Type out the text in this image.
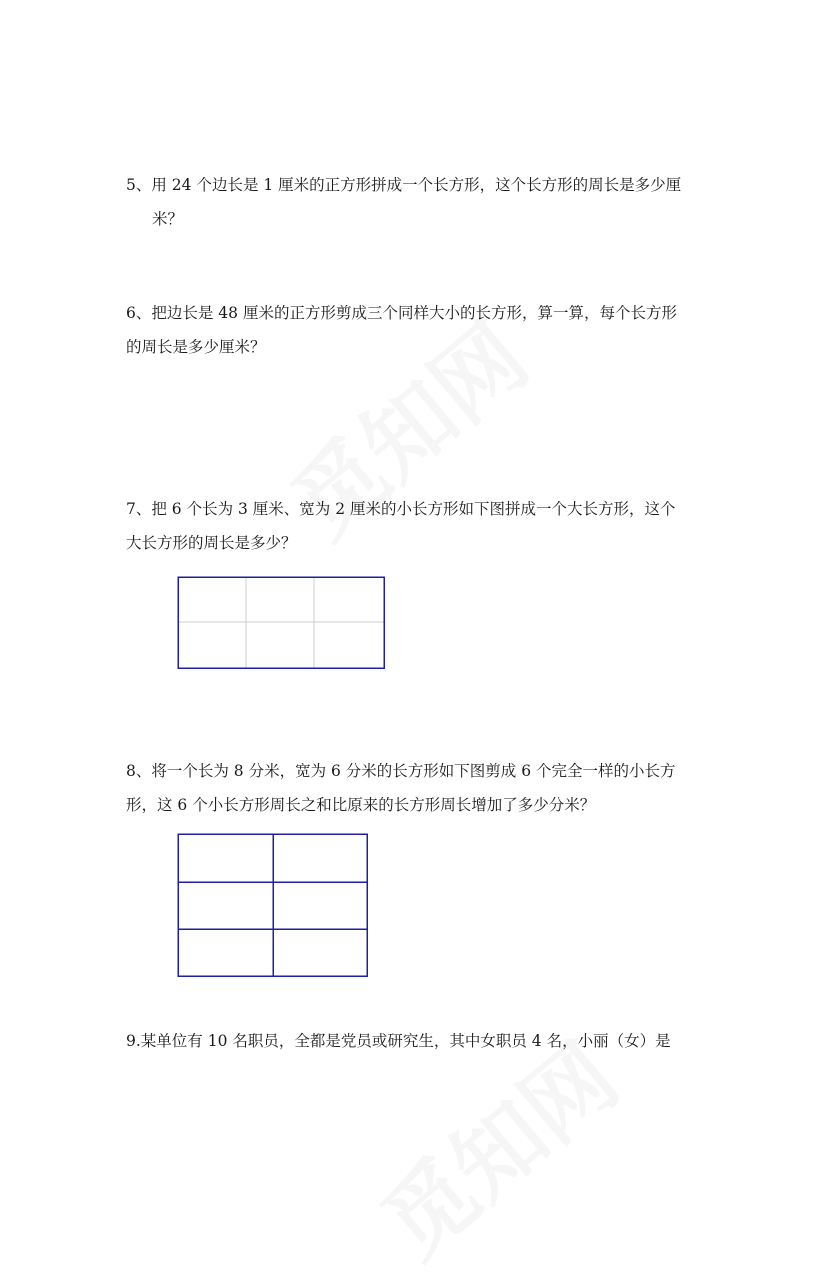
5、用 24 个边长是 1 厘米的正方形拼成一个长方形，这个长方形的周长是多少厘
米？
6、把边长是 48 厘米的正方形剪成三个同样大小的长方形，算一算，每个长方形
的周长是多少厘米？
7、把 6 个长为 3 厘米、宽为 2 厘米的小长方形如下图拼成一个大长方形，这个
大长方形的周长是多少？
8、将一个长为 8 分米，宽为 6 分米的长方形如下图剪成 6 个完全一样的小长方
形，这 6 个小长方形周长之和比原来的长方形周长增加了多少分米？
9.某单位有 10 名职员，全都是党员或研究生，其中女职员 4 名，小丽（女）是
